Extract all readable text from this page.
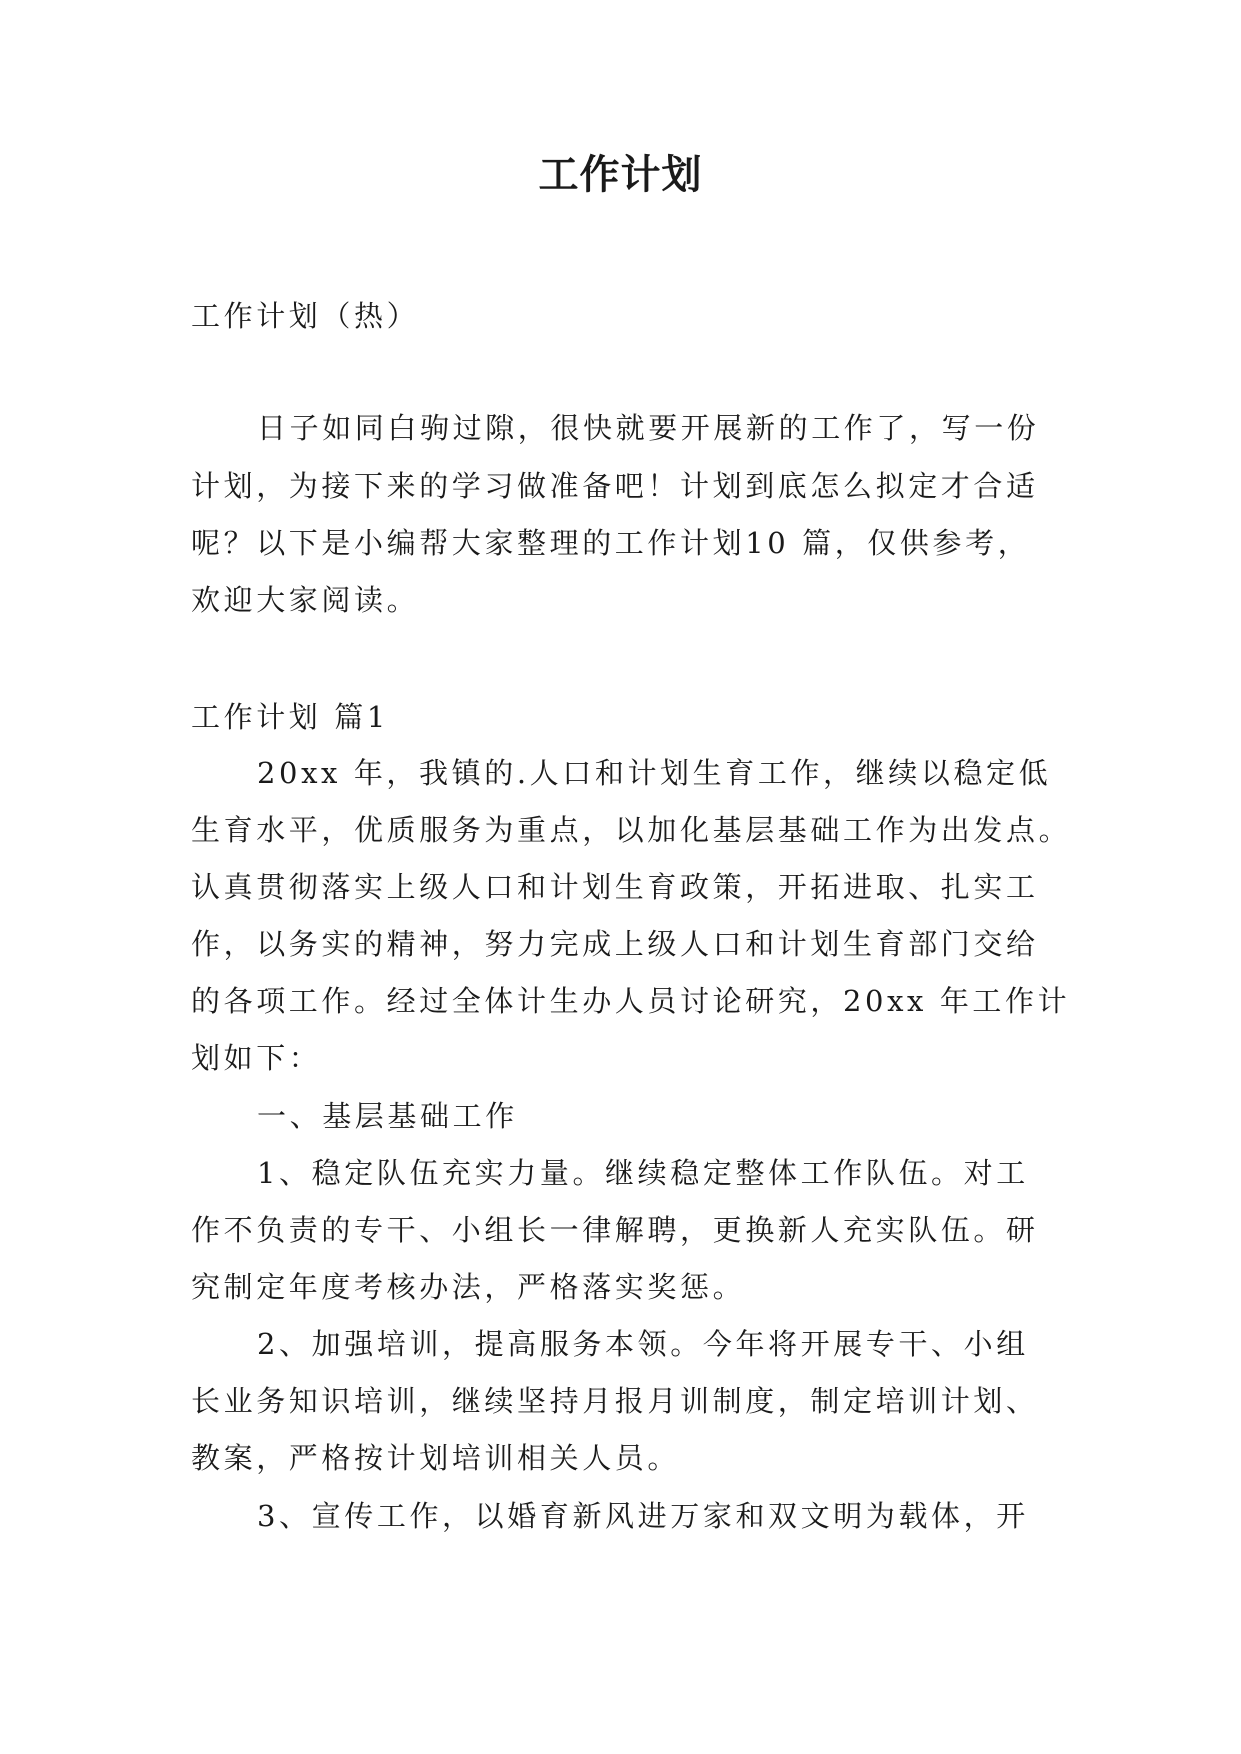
工作计划
工作计划（热）
日子如同白驹过隙，很快就要开展新的工作了，写一份
计划，为接下来的学习做准备吧！计划到底怎么拟定才合适
呢？以下是小编帮大家整理的工作计划10 篇，仅供参考，
欢迎大家阅读。
工作计划 篇1
20xx 年，我镇的.人口和计划生育工作，继续以稳定低
生育水平，优质服务为重点，以加化基层基础工作为出发点。
认真贯彻落实上级人口和计划生育政策，开拓进取、扎实工
作，以务实的精神，努力完成上级人口和计划生育部门交给
的各项工作。经过全体计生办人员讨论研究，20xx 年工作计
划如下：
一、基层基础工作
1、稳定队伍充实力量。继续稳定整体工作队伍。对工
作不负责的专干、小组长一律解聘，更换新人充实队伍。研
究制定年度考核办法，严格落实奖惩。
2、加强培训，提高服务本领。今年将开展专干、小组
长业务知识培训，继续坚持月报月训制度，制定培训计划、
教案，严格按计划培训相关人员。
3、宣传工作，以婚育新风进万家和双文明为载体，开
